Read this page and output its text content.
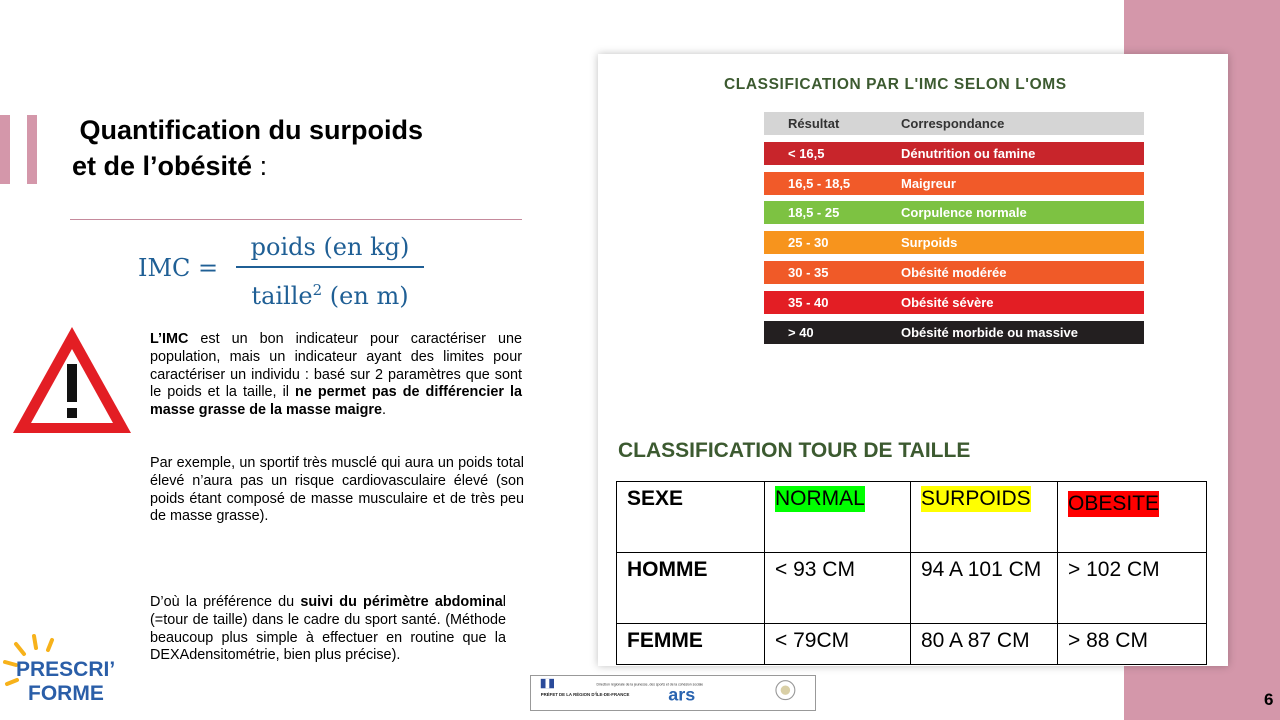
Quantification du surpoids
et de l’obésité :
IMC =
poids (en kg)
taille$^2$ (en m)
L’IMC est un bon indicateur pour caractériser une population, mais un indicateur ayant des limites pour caractériser un individu : basé sur 2 paramètres que sont le poids et la taille, il ne permet pas de différencier la masse grasse de la masse maigre.
Par exemple, un sportif très musclé qui aura un poids total élevé n’aura pas un risque cardiovasculaire élevé (son poids étant composé de masse musculaire et de très peu de masse grasse).
D’où la préférence du suivi du périmètre abdominal (=tour de taille) dans le cadre du sport santé. (Méthode beaucoup plus simple à effectuer en routine que la DEXAdensitométrie, bien plus précise).
PRESCRI’
FORME
CLASSIFICATION PAR L'IMC SELON L'OMS
Résultat	Correspondance
< 16,5	Dénutrition ou famine
16,5 - 18,5	Maigreur
18,5 - 25	Corpulence normale
25 - 30	Surpoids
30 - 35	Obésité modérée
35 - 40	Obésité sévère
> 40	Obésité morbide ou massive
CLASSIFICATION TOUR DE TAILLE
SEXE	NORMAL	SURPOIDS	OBESITE
HOMME	< 93 CM	94 A 101 CM	> 102 CM
FEMME	< 79CM	80 A 87 CM	> 88 CM
PRÉFET DE LA RÉGION D’ÎLE-DE-FRANCE
Direction régionale de la jeunesse, des sports et de la cohésion sociale
ars	6
